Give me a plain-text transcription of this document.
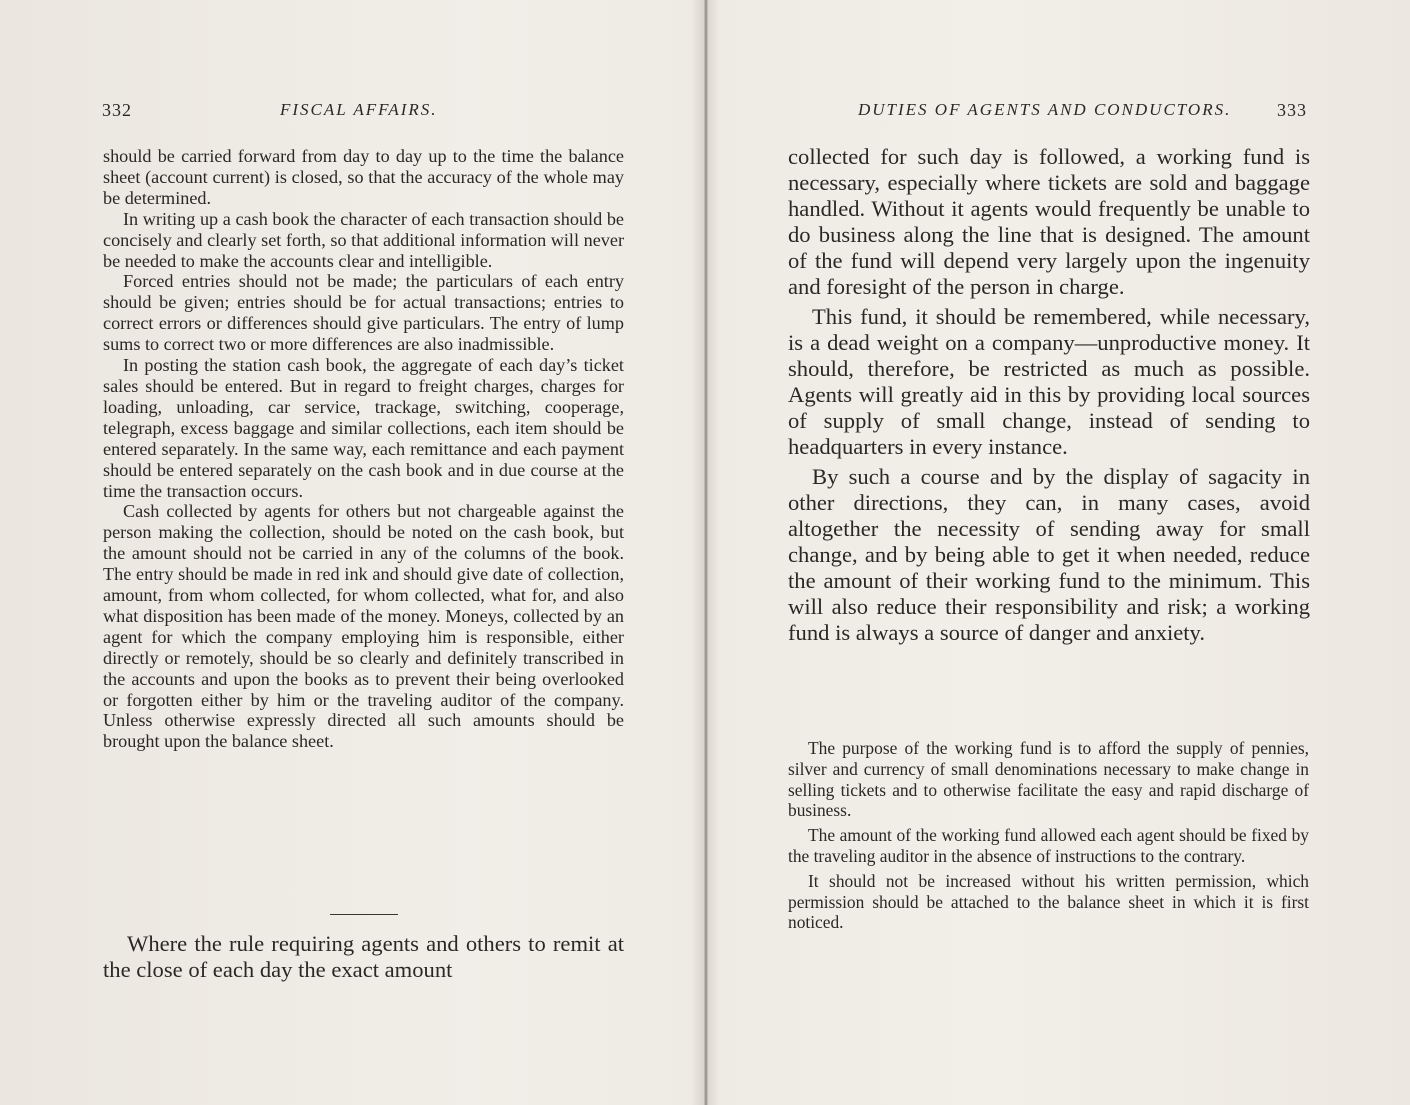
332	FISCAL AFFAIRS.

should be carried forward from day to day up to the time the balance sheet (account current) is closed, so that the accuracy of the whole may be determined.

In writing up a cash book the character of each transaction should be concisely and clearly set forth, so that additional information will never be needed to make the accounts clear and intelligible.

Forced entries should not be made; the particulars of each entry should be given; entries should be for actual transactions; entries to correct errors or differences should give particulars. The entry of lump sums to correct two or more differences are also inadmissible.

In posting the station cash book, the aggregate of each day’s ticket sales should be entered. But in regard to freight charges, charges for loading, unloading, car service, trackage, switching, cooperage, telegraph, excess baggage and similar collections, each item should be entered separately. In the same way, each remittance and each payment should be entered separately on the cash book and in due course at the time the transaction occurs.

Cash collected by agents for others but not chargeable against the person making the collection, should be noted on the cash book, but the amount should not be carried in any of the columns of the book. The entry should be made in red ink and should give date of collection, amount, from whom collected, for whom collected, what for, and also what disposition has been made of the money. Moneys, collected by an agent for which the company employing him is responsible, either directly or remotely, should be so clearly and definitely transcribed in the accounts and upon the books as to prevent their being overlooked or forgotten either by him or the traveling auditor of the company. Unless otherwise expressly directed all such amounts should be brought upon the balance sheet.

Where the rule requiring agents and others to remit at the close of each day the exact amount

DUTIES OF AGENTS AND CONDUCTORS.	333

collected for such day is followed, a working fund is necessary, especially where tickets are sold and baggage handled. Without it agents would frequently be unable to do business along the line that is designed. The amount of the fund will depend very largely upon the ingenuity and foresight of the person in charge.

This fund, it should be remembered, while necessary, is a dead weight on a company—unproductive money. It should, therefore, be restricted as much as possible. Agents will greatly aid in this by providing local sources of supply of small change, instead of sending to headquarters in every instance.

By such a course and by the display of sagacity in other directions, they can, in many cases, avoid altogether the necessity of sending away for small change, and by being able to get it when needed, reduce the amount of their working fund to the minimum. This will also reduce their responsibility and risk; a working fund is always a source of danger and anxiety.

The purpose of the working fund is to afford the supply of pennies, silver and currency of small denominations necessary to make change in selling tickets and to otherwise facilitate the easy and rapid discharge of business.

The amount of the working fund allowed each agent should be fixed by the traveling auditor in the absence of instructions to the contrary.

It should not be increased without his written permission, which permission should be attached to the balance sheet in which it is first noticed.
